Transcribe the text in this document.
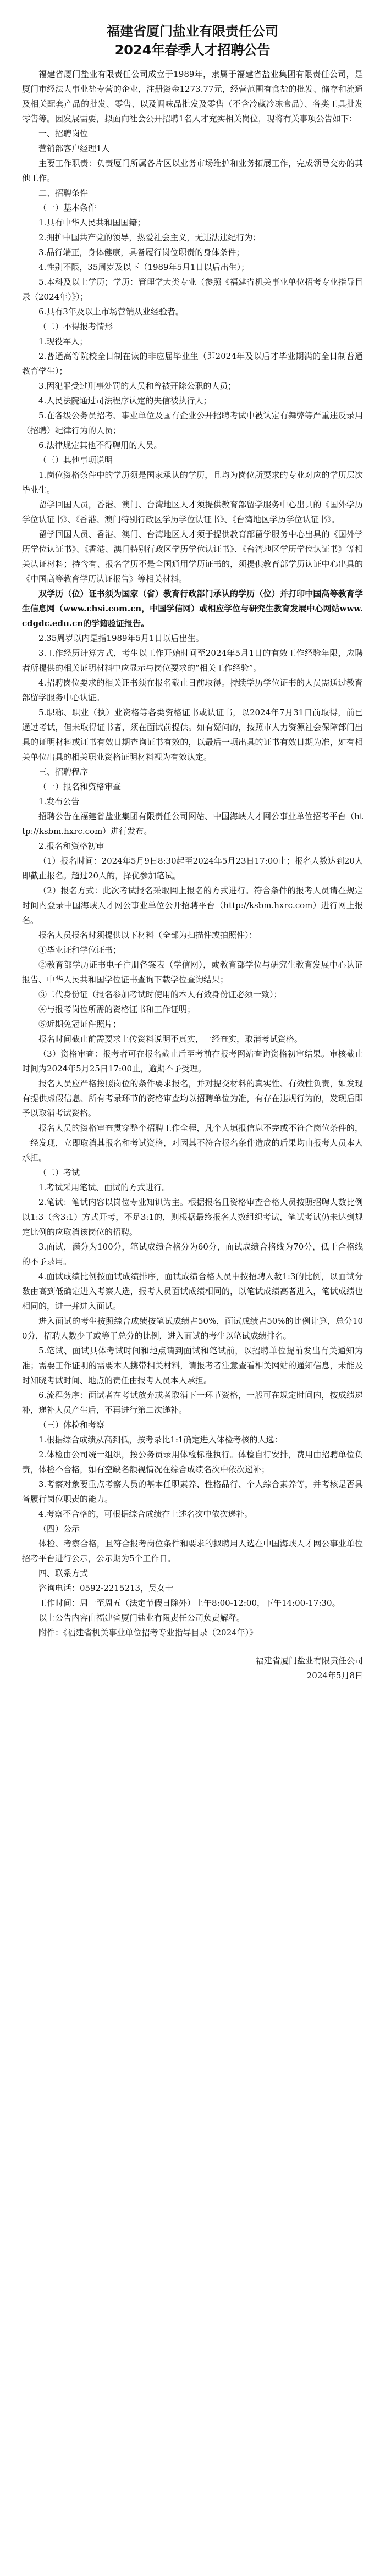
福建省厦门盐业有限责任公司
2024年春季人才招聘公告

福建省厦门盐业有限责任公司成立于1989年，隶属于福建省盐业集团有限责任公司，是厦门市经法人事业盐专营的企业，注册资金1273.77元，经营范围有食盐的批发、储存和流通及相关配套产品的批发、零售、以及调味品批发及零售（不含冷藏冷冻食品）、各类工具批发零售等。因发展需要，拟面向社会公开招聘1名人才充实相关岗位，现将有关事项公告如下：

一、招聘岗位

营销部客户经理1人

主要工作职责：负责厦门所属各片区以业务市场维护和业务拓展工作，完成领导交办的其他工作。

二、招聘条件

（一）基本条件

1.具有中华人民共和国国籍；

2.拥护中国共产党的领导，热爱社会主义，无违法违纪行为；

3.品行端正，身体健康，具备履行岗位职责的身体条件；

4.性别不限，35周岁及以下（1989年5月1日以后出生）；

5.本科及以上学历；学历：管理学大类专业（参照《福建省机关事业单位招考专业指导目录（2024年）》）；

6.具有3年及以上市场营销从业经验者。

（二）不得报考情形

1.现役军人；

2.普通高等院校全日制在读的非应届毕业生（即2024年及以后才毕业期满的全日制普通教育学生）；

3.因犯罪受过刑事处罚的人员和曾被开除公职的人员；

4.人民法院通过司法程序认定的失信被执行人；

5.在各级公务员招考、事业单位及国有企业公开招聘考试中被认定有舞弊等严重违反录用（招聘）纪律行为的人员；

6.法律规定其他不得聘用的人员。

（三）其他事项说明

1.岗位资格条件中的学历须是国家承认的学历，且均为岗位所要求的专业对应的学历层次毕业生。

留学回国人员，香港、澳门、台湾地区人才须提供教育部留学服务中心出具的《国外学历学位认证书》、《香港、澳门特别行政区学历学位认证书》、《台湾地区学历学位认证书》。

留学回国人员、香港、澳门、台湾地区人才须于提供教育部留学服务中心出具的《国外学历学位认证书》、《香港、澳门特别行政区学历学位认证书》、《台湾地区学历学位认证书》等相关认证材料；持含有、报名学历不是全国通用学历证书的，须提供教育部学历认证中心出具的《中国高等教育学历认证报告》等相关材料。

双学历（位）证书须为国家（省）教育行政部门承认的学历（位）并打印中国高等教育学生信息网（www.chsi.com.cn，中国学信网）或相应学位与研究生教育发展中心网站www.cdgdc.edu.cn的学籍验证报告。

2.35周岁以内是指1989年5月1日以后出生。

3.工作经历计算方式，考生以工作开始时间至2024年5月1日的有效工作经验年限，应聘者所提供的相关证明材料中应显示与岗位要求的“相关工作经验”。

4.招聘岗位要求的相关证书须在报名截止日前取得。持续学历学位证书的人员需通过教育部留学服务中心认证。

5.职称、职业（执）业资格等各类资格证书或认证书，以2024年7月31日前取得，前已通过考试，但未取得证书者，须在面试前提供。如有疑问的，按照市人力资源社会保障部门出具的证明材料或证书有效日期查询证书有效的，以最后一项出具的证书有效日期为准，如有相关单位出具的相关职业资格证明材料视为有效认定。

三、招聘程序

（一）报名和资格审查

1.发布公告

招聘公告在福建省盐业集团有限责任公司网站、中国海峡人才网公事业单位招考平台（http://ksbm.hxrc.com）进行发布。

2.报名和资格初审

（1）报名时间：2024年5月9日8:30起至2024年5月23日17:00止；报名人数达到20人即截止报名。超过20人的，择优参加笔试。

（2）报名方式：此次考试报名采取网上报名的方式进行。符合条件的报考人员请在规定时间内登录中国海峡人才网公事业单位公开招聘平台（http://ksbm.hxrc.com）进行网上报名。

报名人员报名时须提供以下材料（全部为扫描件或拍照件）：

①毕业证和学位证书；

②教育部学历证书电子注册备案表（学信网），或教育部学位与研究生教育发展中心认证报告、中华人民共和国学位证书查询下载学位查询结果；

③二代身份证（报名参加考试时使用的本人有效身份证必须一致）；

④与报考岗位所需的资格证书和工作证明；

⑤近期免冠证件照片；

报名时间截止前需要求上传资料说明不真实，一经查实，取消考试资格。

（3）资格审查：报考者可在报名截止后至考前在报考网站查询资格初审结果。审核截止时间为2024年5月25日17:00止，逾期不予受理。

报名人员应严格按照岗位的条件要求报名，并对提交材料的真实性、有效性负责，如发现有提供虚假信息、所有考录环节的资格审查均以招聘单位为准，有存在违规行为的，发现后即予以取消考试资格。

报名人员的资格审查贯穿整个招聘工作全程，凡个人填报信息不完或不符合岗位条件的，一经发现，立即取消其报名和考试资格，对因其不符合报名条件造成的后果均由报考人员本人承担。

（二）考试

1.考试采用笔试、面试的方式进行。

2.笔试：笔试内容以岗位专业知识为主。根据报名且资格审查合格人员按照招聘人数比例以1:3（含3:1）方式开考，不足3:1的，则根据最终报名人数组织考试，笔试考试仍未达到规定比例的应取消该岗位的招聘。

3.面试，满分为100分，笔试成绩合格分为60分，面试成绩合格线为70分，低于合格线的不予录用。

4.面试成绩比例按面试成绩排序，面试成绩合格人员中按招聘人数1:3的比例，以面试分数由高到低确定进入考察人选，报考人员面试成绩相同的，以笔试成绩高者进入，笔试成绩也相同的，进一并进入面试。

进入面试的考生按照综合成绩按笔试成绩占50%，面试成绩占50%的比例计算，总分100分，招聘人数少于或等于总分的比例，进入面试的考生以笔试成绩排名。

5.笔试、面试具体考试时间和地点请到面试和笔试前，以招聘单位提前发出有关通知为准；需要工作证明的需要本人携带相关材料，请报考者注意查看相关网站的通知信息，未能及时知晓考试时间、地点的责任由报考人员本人承担。

6.流程务序：面试者在考试放弃或者取消下一环节资格，一般可在规定时间内，按成绩递补，递补人员产生后，不再进行第二次递补。

（三）体检和考察

1.根据综合成绩从高到低，按考录比1:1确定进入体检考核的人选：

2.体检由公司统一组织，按公务员录用体检标准执行。体检自行安排，费用由招聘单位负责，体检不合格，如有空缺名额视情况在综合成绩名次中依次递补；

3.考察对象要重点考察人员的基本任职素养、性格品行、个人综合素养等，并考核是否具备履行岗位职责的能力。

4.考察不合格的，可根据综合成绩在上述名次中依次递补。

（四）公示

体检、考察合格，且符合报考岗位条件和要求的拟聘用人选在中国海峡人才网公事业单位招考平台进行公示，公示期为5个工作日。

四、联系方式

咨询电话：0592-2215213，吴女士

工作时间：周一至周五（法定节假日除外）上午8:00-12:00，下午14:00-17:30。

以上公告内容由福建省厦门盐业有限责任公司负责解释。

附件：《福建省机关事业单位招考专业指导目录（2024年）》

福建省厦门盐业有限责任公司

2024年5月8日
